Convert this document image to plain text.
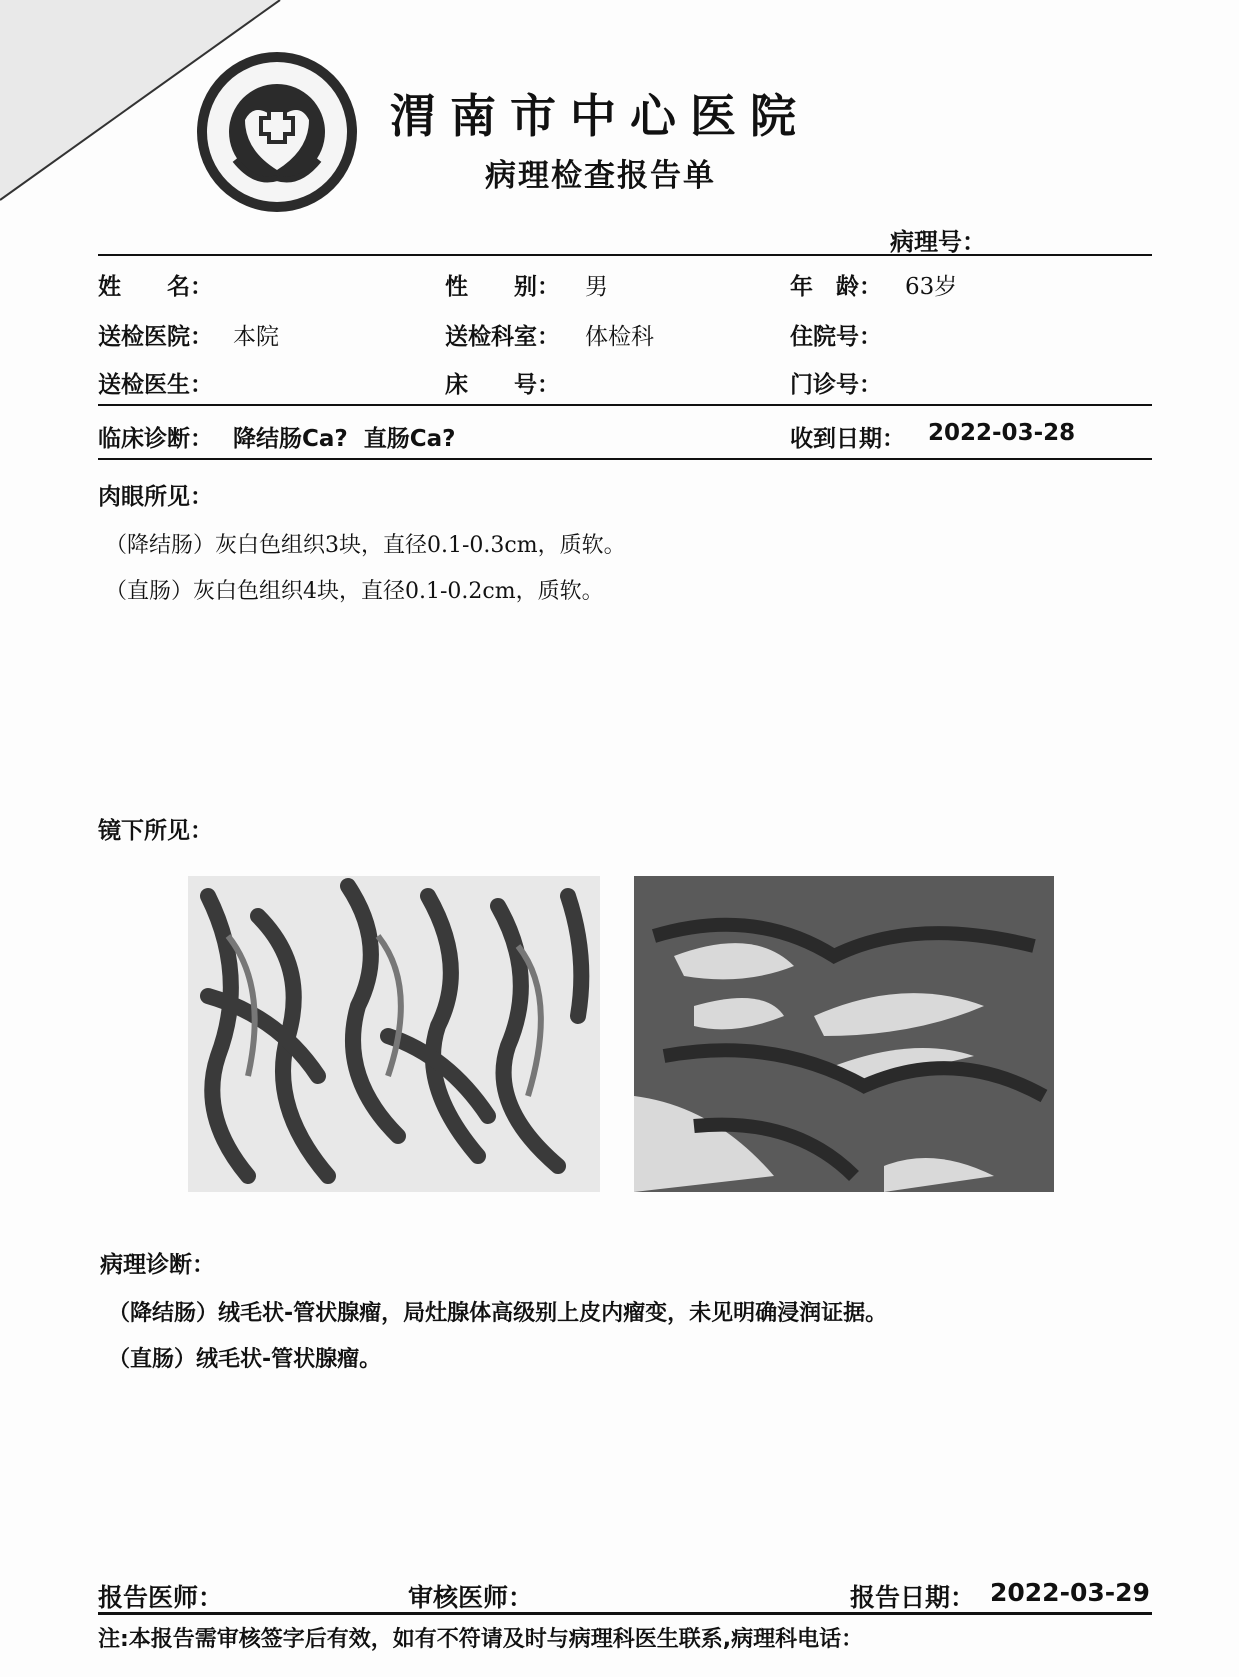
渭南市中心医院
病理检查报告单
病理号：
姓　　名：	性　　别： 男	年　龄： 63岁
送检医院： 本院	送检科室： 体检科	住院号：
送检医生：	床　　号：	门诊号：
临床诊断： 降结肠Ca?  直肠Ca?	收到日期： 2022-03-28
肉眼所见：
（降结肠）灰白色组织3块，直径0.1-0.3cm，质软。
（直肠）灰白色组织4块，直径0.1-0.2cm，质软。
镜下所见：
病理诊断：
（降结肠）绒毛状-管状腺瘤，局灶腺体高级别上皮内瘤变，未见明确浸润证据。
（直肠）绒毛状-管状腺瘤。
报告医师：	审核医师：	报告日期： 2022-03-29
注:本报告需审核签字后有效，如有不符请及时与病理科医生联系,病理科电话：
